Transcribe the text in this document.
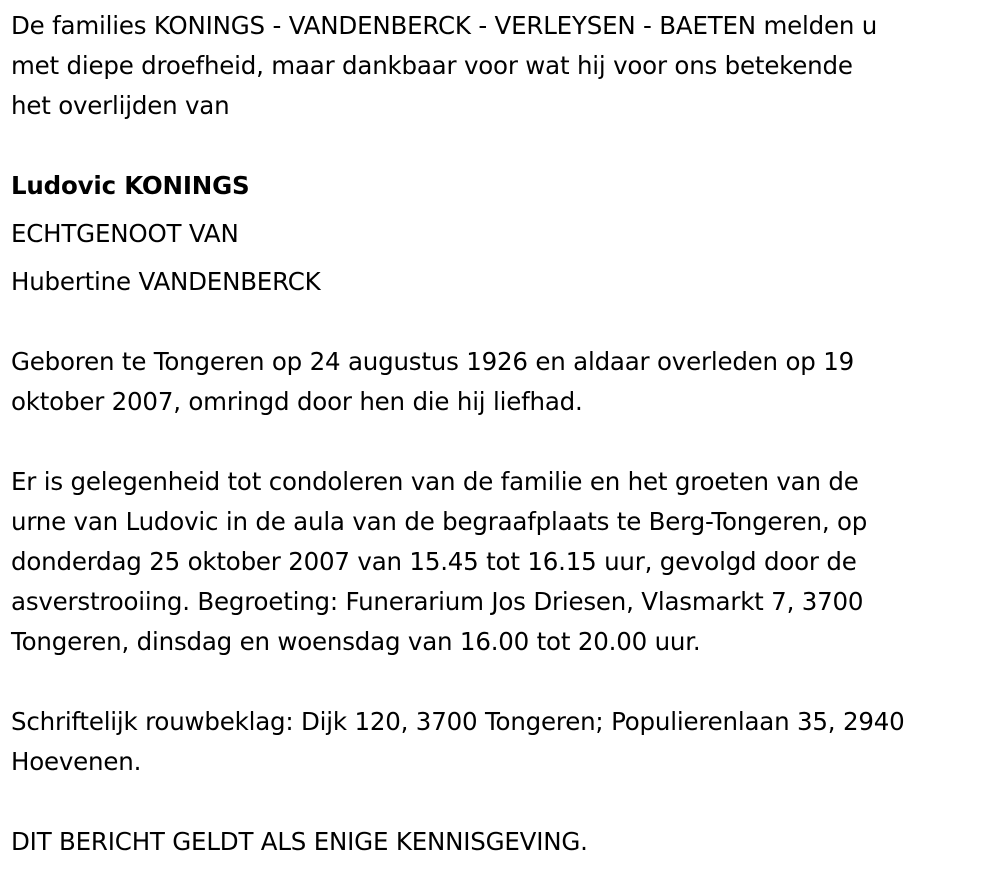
De families KONINGS - VANDENBERCK - VERLEYSEN - BAETEN melden u
met diepe droefheid, maar dankbaar voor wat hij voor ons betekende
het overlijden van
Ludovic KONINGS
ECHTGENOOT VAN
Hubertine VANDENBERCK
Geboren te Tongeren op 24 augustus 1926 en aldaar overleden op 19
oktober 2007, omringd door hen die hij liefhad.
Er is gelegenheid tot condoleren van de familie en het groeten van de
urne van Ludovic in de aula van de begraafplaats te Berg-Tongeren, op
donderdag 25 oktober 2007 van 15.45 tot 16.15 uur, gevolgd door de
asverstrooiing. Begroeting: Funerarium Jos Driesen, Vlasmarkt 7, 3700
Tongeren, dinsdag en woensdag van 16.00 tot 20.00 uur.
Schriftelijk rouwbeklag: Dijk 120, 3700 Tongeren; Populierenlaan 35, 2940
Hoevenen.
DIT BERICHT GELDT ALS ENIGE KENNISGEVING.
